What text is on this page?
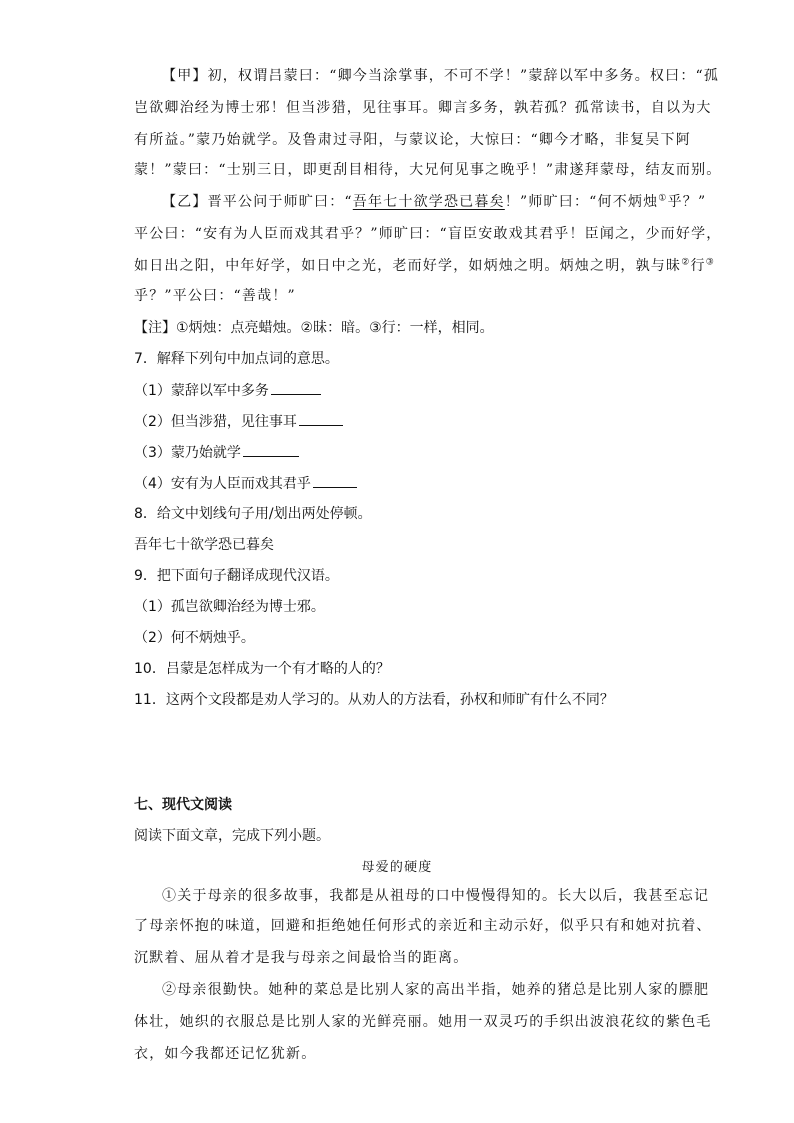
【甲】初，权谓吕蒙曰：“卿今当涂掌事，不可不学！”蒙辞以军中多务。权曰：“孤
岂欲卿治经为博士邪！但当涉猎，见往事耳。卿言多务，孰若孤？孤常读书，自以为大
有所益。”蒙乃始就学。及鲁肃过寻阳，与蒙议论，大惊曰：“卿今才略，非复吴下阿
蒙！”蒙曰：“士别三日，即更刮目相待，大兄何见事之晚乎！”肃遂拜蒙母，结友而别。
【乙】晋平公问于师旷曰：“吾年七十欲学恐已暮矣！”师旷曰：“何不炳烛①乎？”
平公曰：“安有为人臣而戏其君乎？”师旷曰：“盲臣安敢戏其君乎！臣闻之，少而好学，
如日出之阳，中年好学，如日中之光，老而好学，如炳烛之明。炳烛之明，孰与昧②行③
乎？”平公曰：“善哉！”
【注】①炳烛：点亮蜡烛。②昧：暗。③行：一样，相同。
7．解释下列句中加点词的意思。
（1）蒙辞以军中多务
（2）但当涉猎，见往事耳
（3）蒙乃始就学
（4）安有为人臣而戏其君乎
8．给文中划线句子用/划出两处停顿。
吾年七十欲学恐已暮矣
9．把下面句子翻译成现代汉语。
（1）孤岂欲卿治经为博士邪。
（2）何不炳烛乎。
10．吕蒙是怎样成为一个有才略的人的？
11．这两个文段都是劝人学习的。从劝人的方法看，孙权和师旷有什么不同？
七、现代文阅读
阅读下面文章，完成下列小题。
母爱的硬度
①关于母亲的很多故事，我都是从祖母的口中慢慢得知的。长大以后，我甚至忘记
了母亲怀抱的味道，回避和拒绝她任何形式的亲近和主动示好，似乎只有和她对抗着、
沉默着、屈从着才是我与母亲之间最恰当的距离。
②母亲很勤快。她种的菜总是比别人家的高出半指，她养的猪总是比别人家的膘肥
体壮，她织的衣服总是比别人家的光鲜亮丽。她用一双灵巧的手织出波浪花纹的紫色毛
衣，如今我都还记忆犹新。
